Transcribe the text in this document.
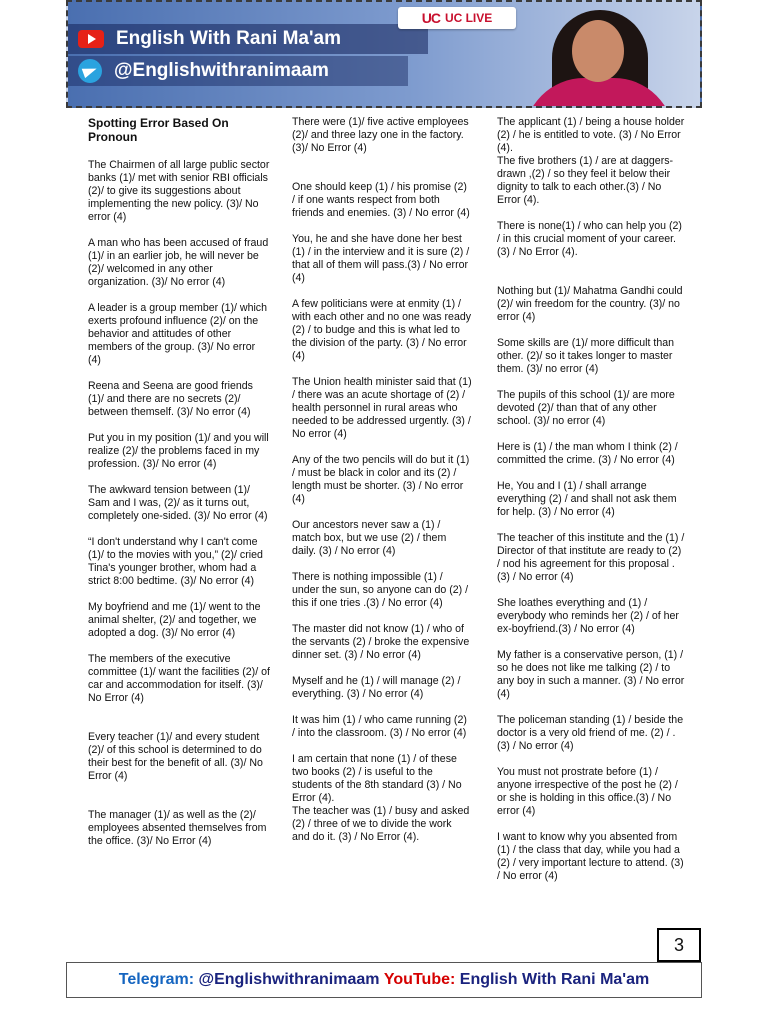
UC UC LIVE
English With Rani Ma'am
@Englishwithranimaam
Spotting Error Based On Pronoun

The Chairmen of all large public sector banks (1)/ met with senior RBI officials (2)/ to give its suggestions about implementing the new policy. (3)/ No error (4)

A man who has been accused of fraud (1)/ in an earlier job, he will never be (2)/ welcomed in any other organization. (3)/ No error (4)

A leader is a group member (1)/ which exerts profound influence (2)/ on the behavior and attitudes of other members of the group. (3)/ No error (4)

Reena and Seena are good friends (1)/ and there are no secrets (2)/ between themself. (3)/ No error (4)

Put you in my position (1)/ and you will realize (2)/ the problems faced in my profession. (3)/ No error (4)

The awkward tension between (1)/ Sam and I was, (2)/ as it turns out, completely one-sided. (3)/ No error (4)

“I don't understand why I can't come (1)/ to the movies with you,” (2)/ cried Tina's younger brother, whom had a strict 8:00 bedtime. (3)/ No error (4)

My boyfriend and me (1)/ went to the animal shelter, (2)/ and together, we adopted a dog. (3)/ No error (4)

The members of the executive committee (1)/ want the facilities (2)/ of car and accommodation for itself. (3)/ No Error (4)

Every teacher (1)/ and every student (2)/ of this school is determined to do their best for the benefit of all. (3)/ No Error (4)

The manager (1)/ as well as the (2)/ employees absented themselves from the office. (3)/ No Error (4)

There were (1)/ five active employees (2)/ and three lazy one in the factory. (3)/ No Error (4)

One should keep (1) / his promise (2) / if one wants respect from both friends and enemies. (3) / No error (4)

You, he and she have done her best (1) / in the interview and it is sure (2) / that all of them will pass.(3) / No error (4)

A few politicians were at enmity (1) / with each other and no one was ready (2) / to budge and this is what led to the division of the party. (3) / No error (4)

The Union health minister said that (1) / there was an acute shortage of (2) / health personnel in rural areas who needed to be addressed urgently. (3) / No error (4)

Any of the two pencils will do but it (1) / must be black in color and its (2) / length must be shorter. (3) / No error (4)

Our ancestors never saw a (1) / match box, but we use (2) / them daily. (3) / No error (4)

There is nothing impossible (1) / under the sun, so anyone can do (2) / this if one tries .(3) / No error (4)

The master did not know (1) / who of the servants (2) / broke the expensive dinner set. (3) / No error (4)

Myself and he (1) / will manage (2) / everything. (3) / No error (4)

It was him (1) / who came running (2) / into the classroom. (3) / No error (4)

I am certain that none (1) / of these two books (2) / is useful to the students of the 8th standard (3) / No Error (4).

The teacher was (1) / busy and asked (2) / three of we to divide the work and do it. (3) / No Error (4).

The applicant (1) / being a house holder (2) / he is entitled to vote. (3) / No Error (4).

The five brothers (1) / are at daggers-drawn ,(2) / so they feel it below their dignity to talk to each other.(3) / No Error (4).

There is none(1) / who can help you (2) / in this crucial moment of your career.(3) / No Error (4).

Nothing but (1)/ Mahatma Gandhi could (2)/ win freedom for the country. (3)/ no error (4)

Some skills are (1)/ more difficult than other. (2)/ so it takes longer to master them. (3)/ no error (4)

The pupils of this school (1)/ are more devoted (2)/ than that of any other school. (3)/ no error (4)

Here is (1) / the man whom I think (2) / committed the crime. (3) / No error (4)

He, You and I (1) / shall arrange everything (2) / and shall not ask them for help. (3) / No error (4)

The teacher of this institute and the (1) / Director of that institute are ready to (2) / nod his agreement for this proposal .(3) / No error (4)

She loathes everything and (1) / everybody who reminds her (2) / of her ex-boyfriend.(3) / No error (4)

My father is a conservative person, (1) / so he does not like me talking (2) / to any boy in such a manner. (3) / No error (4)

The policeman standing (1) / beside the doctor is a very old friend of me. (2) / .(3) / No error (4)

You must not prostrate before (1) / anyone irrespective of the post he (2) / or she is holding in this office.(3) / No error (4)

I want to know why you absented from (1) / the class that day, while you had a (2) / very important lecture to attend. (3) / No error (4)

3
Telegram:
@Englishwithranimaam
YouTube:
English With Rani Ma'am
